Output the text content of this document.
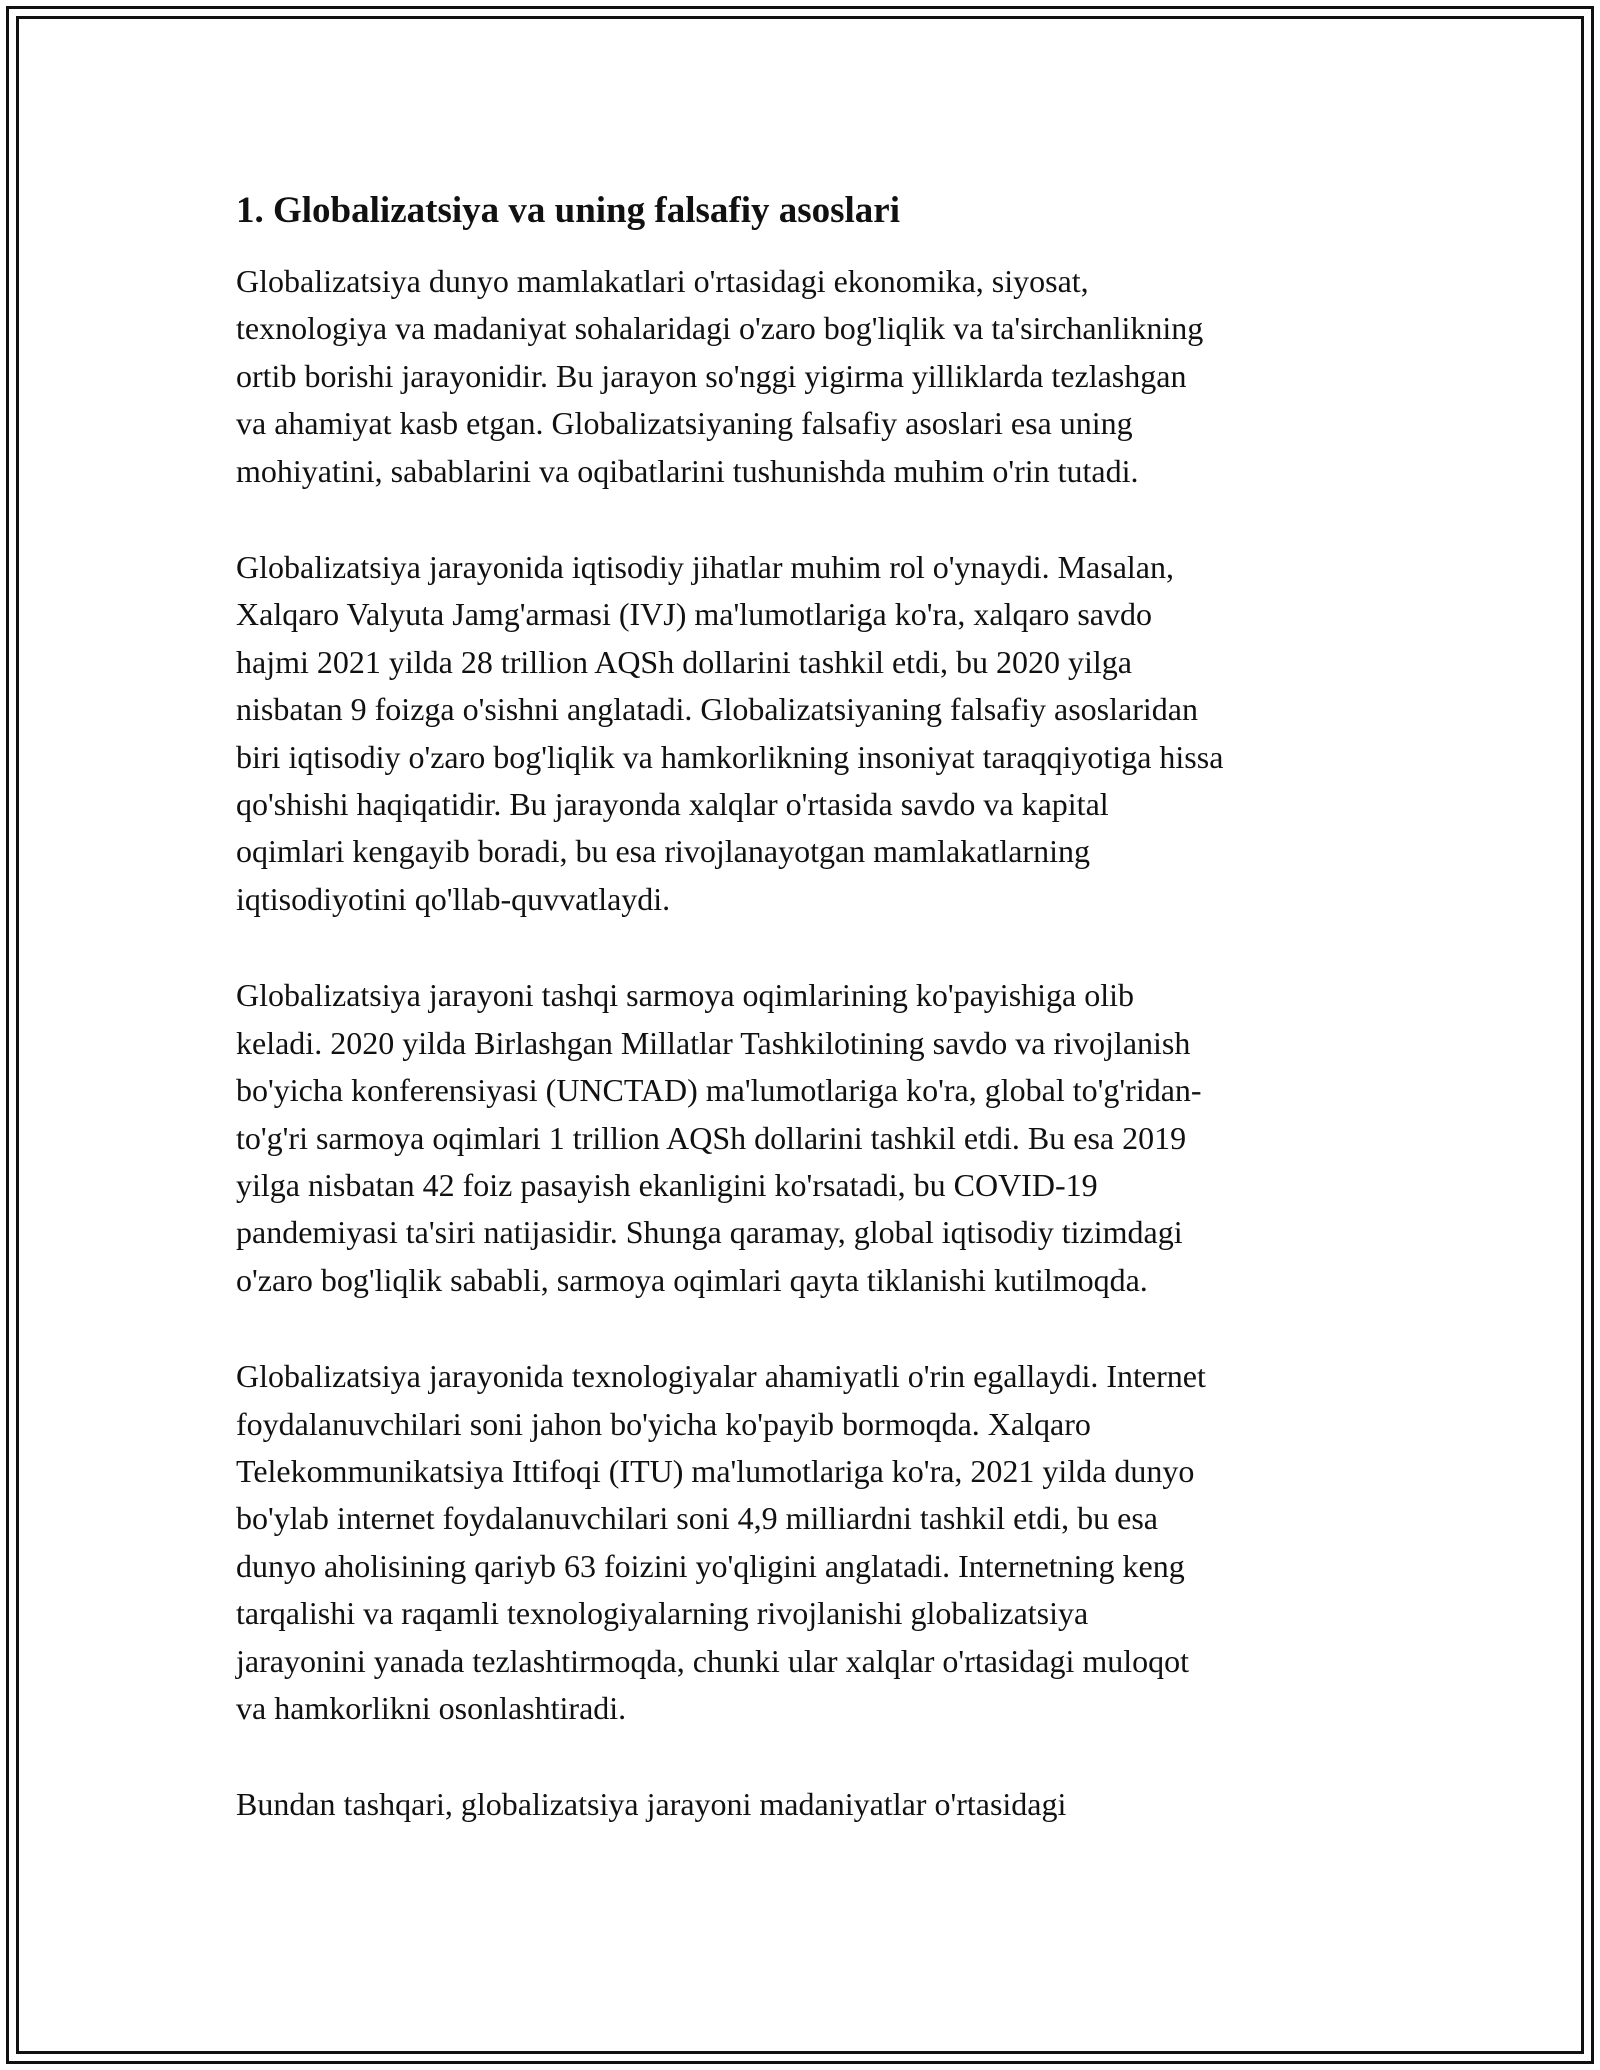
1. Globalizatsiya va uning falsafiy asoslari
Globalizatsiya dunyo mamlakatlari o'rtasidagi ekonomika, siyosat,
texnologiya va madaniyat sohalaridagi o'zaro bog'liqlik va ta'sirchanlikning
ortib borishi jarayonidir. Bu jarayon so'nggi yigirma yilliklarda tezlashgan
va ahamiyat kasb etgan. Globalizatsiyaning falsafiy asoslari esa uning
mohiyatini, sabablarini va oqibatlarini tushunishda muhim o'rin tutadi.
Globalizatsiya jarayonida iqtisodiy jihatlar muhim rol o'ynaydi. Masalan,
Xalqaro Valyuta Jamg'armasi (IVJ) ma'lumotlariga ko'ra, xalqaro savdo
hajmi 2021 yilda 28 trillion AQSh dollarini tashkil etdi, bu 2020 yilga
nisbatan 9 foizga o'sishni anglatadi. Globalizatsiyaning falsafiy asoslaridan
biri iqtisodiy o'zaro bog'liqlik va hamkorlikning insoniyat taraqqiyotiga hissa
qo'shishi haqiqatidir. Bu jarayonda xalqlar o'rtasida savdo va kapital
oqimlari kengayib boradi, bu esa rivojlanayotgan mamlakatlarning
iqtisodiyotini qo'llab-quvvatlaydi.
Globalizatsiya jarayoni tashqi sarmoya oqimlarining ko'payishiga olib
keladi. 2020 yilda Birlashgan Millatlar Tashkilotining savdo va rivojlanish
bo'yicha konferensiyasi (UNCTAD) ma'lumotlariga ko'ra, global to'g'ridan-
to'g'ri sarmoya oqimlari 1 trillion AQSh dollarini tashkil etdi. Bu esa 2019
yilga nisbatan 42 foiz pasayish ekanligini ko'rsatadi, bu COVID-19
pandemiyasi ta'siri natijasidir. Shunga qaramay, global iqtisodiy tizimdagi
o'zaro bog'liqlik sababli, sarmoya oqimlari qayta tiklanishi kutilmoqda.
Globalizatsiya jarayonida texnologiyalar ahamiyatli o'rin egallaydi. Internet
foydalanuvchilari soni jahon bo'yicha ko'payib bormoqda. Xalqaro
Telekommunikatsiya Ittifoqi (ITU) ma'lumotlariga ko'ra, 2021 yilda dunyo
bo'ylab internet foydalanuvchilari soni 4,9 milliardni tashkil etdi, bu esa
dunyo aholisining qariyb 63 foizini yo'qligini anglatadi. Internetning keng
tarqalishi va raqamli texnologiyalarning rivojlanishi globalizatsiya
jarayonini yanada tezlashtirmoqda, chunki ular xalqlar o'rtasidagi muloqot
va hamkorlikni osonlashtiradi.
Bundan tashqari, globalizatsiya jarayoni madaniyatlar o'rtasidagi
